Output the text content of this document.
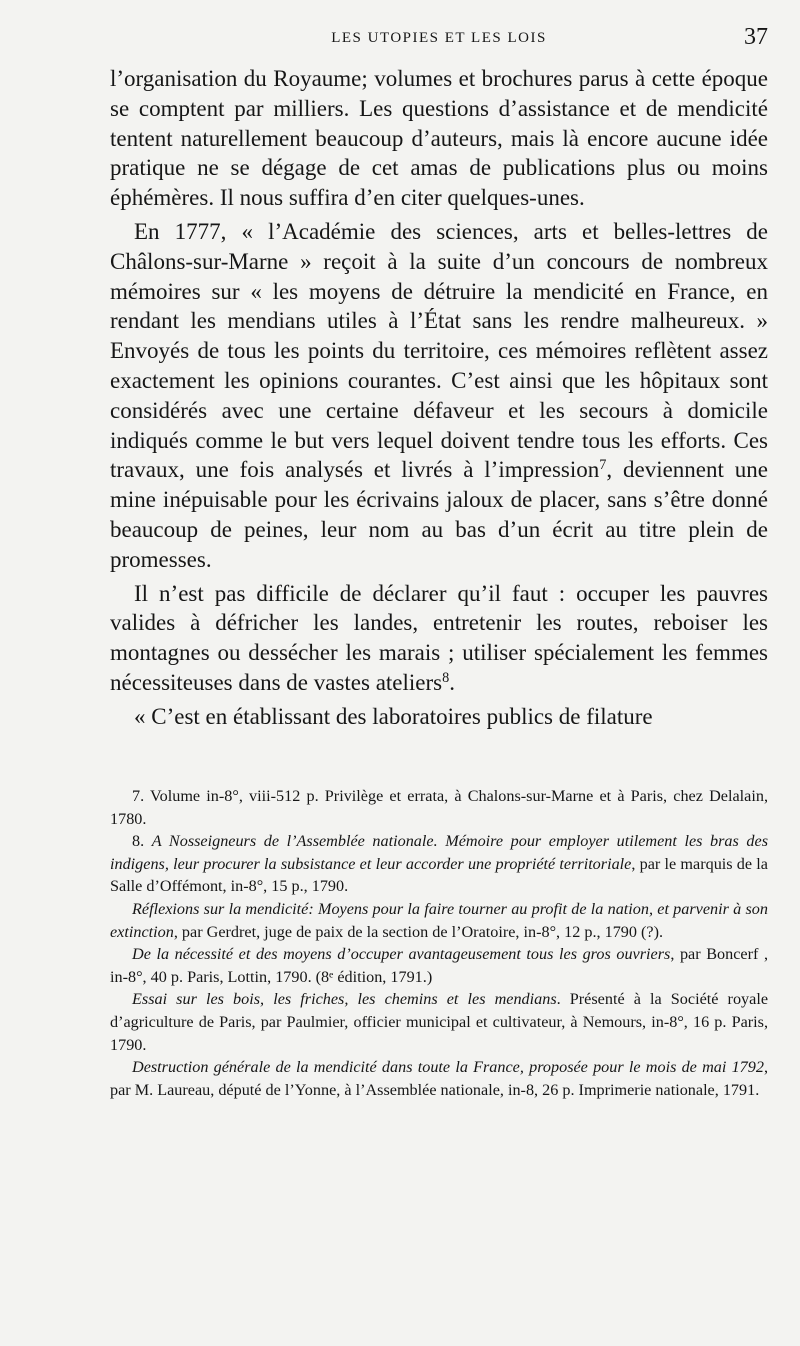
LES UTOPIES ET LES LOIS	37

l’organisation du Royaume; volumes et brochures parus à cette époque se comptent par milliers. Les questions d’assistance et de mendicité tentent naturellement beaucoup d’auteurs, mais là encore aucune idée pratique ne se dégage de cet amas de publications plus ou moins éphémères. Il nous suffira d’en citer quelques-unes.

En 1777, « l’Académie des sciences, arts et belles-lettres de Châlons-sur-Marne » reçoit à la suite d’un concours de nombreux mémoires sur « les moyens de détruire la mendicité en France, en rendant les mendians utiles à l’État sans les rendre malheureux. » Envoyés de tous les points du territoire, ces mémoires reflètent assez exactement les opinions courantes. C’est ainsi que les hôpitaux sont considérés avec une certaine défaveur et les secours à domicile indiqués comme le but vers lequel doivent tendre tous les efforts. Ces travaux, une fois analysés et livrés à l’impression$^7$, deviennent une mine inépuisable pour les écrivains jaloux de placer, sans s’être donné beaucoup de peines, leur nom au bas d’un écrit au titre plein de promesses.

Il n’est pas difficile de déclarer qu’il faut : occuper les pauvres valides à défricher les landes, entretenir les routes, reboiser les montagnes ou dessécher les marais ; utiliser spécialement les femmes nécessiteuses dans de vastes ateliers$^8$.

« C’est en établissant des laboratoires publics de filature

7. Volume in-8°, viii-512 p. Privilège et errata, à Chalons-sur-Marne et à Paris, chez Delalain, 1780.

8. A Nosseigneurs de l’Assemblée nationale. Mémoire pour employer utilement les bras des indigens, leur procurer la subsistance et leur accorder une propriété territoriale, par le marquis de la Salle d’Offémont, in-8°, 15 p., 1790.

Réflexions sur la mendicité: Moyens pour la faire tourner au profit de la nation, et parvenir à son extinction, par Gerdret, juge de paix de la section de l’Oratoire, in-8°, 12 p., 1790 (?).

De la nécessité et des moyens d’occuper avantageusement tous les gros ouvriers, par Boncerf , in-8°, 40 p. Paris, Lottin, 1790. (8ᵉ édition, 1791.)

Essai sur les bois, les friches, les chemins et les mendians. Présenté à la Société royale d’agriculture de Paris, par Paulmier, officier municipal et cultivateur, à Nemours, in-8°, 16 p. Paris, 1790.

Destruction générale de la mendicité dans toute la France, proposée pour le mois de mai 1792, par M. Laureau, député de l’Yonne, à l’Assemblée nationale, in-8, 26 p. Imprimerie nationale, 1791.
